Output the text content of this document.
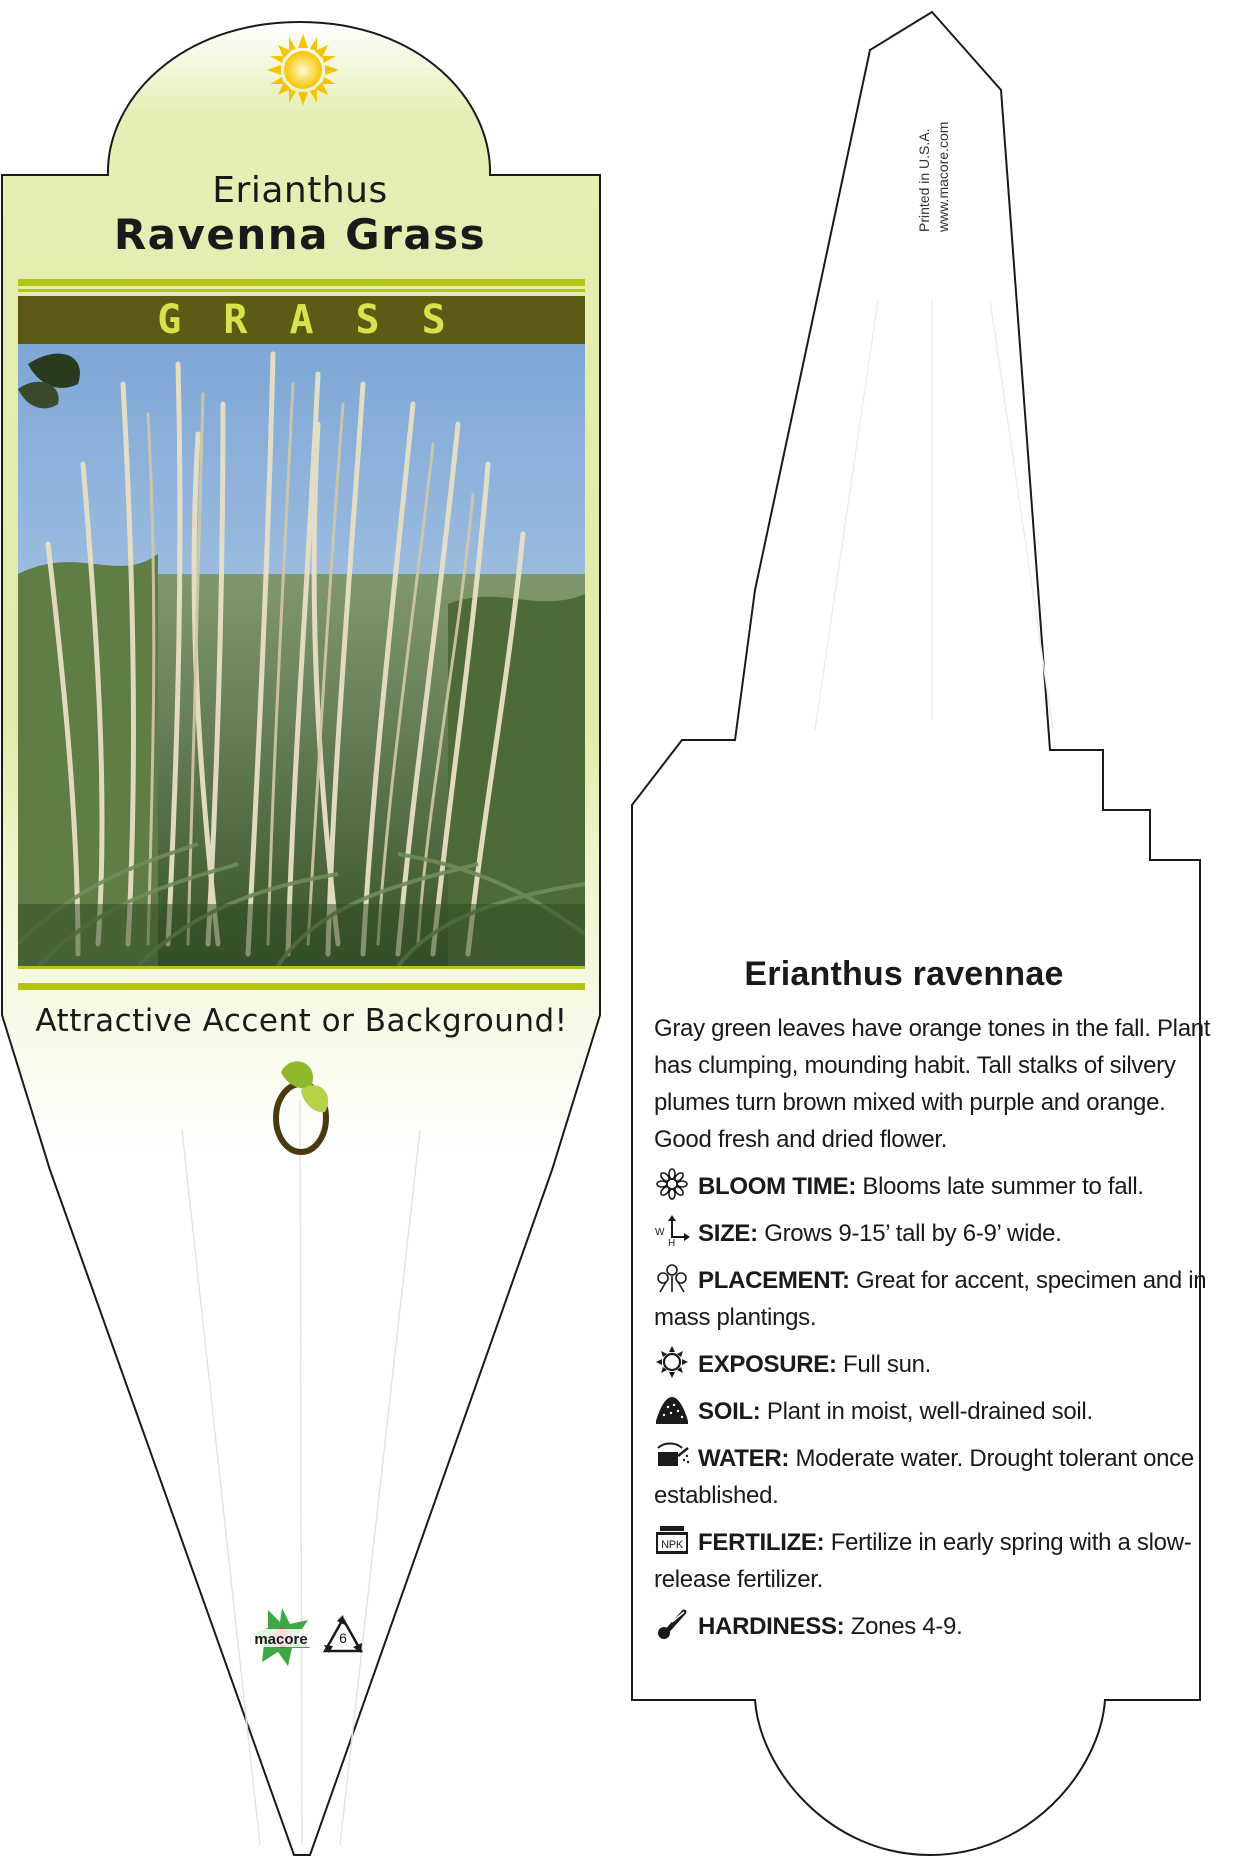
Erianthus
Ravenna Grass
GRASS
Attractive Accent or Background!
macore	6
Printed in U.S.A. www.macore.com
Erianthus ravennae
Gray green leaves have orange tones in the fall. Plant has clumping, mounding habit. Tall stalks of silvery plumes turn brown mixed with purple and orange. Good fresh and dried flower.
BLOOM TIME: Blooms late summer to fall.
W
H SIZE: Grows 9-15’ tall by 6-9’ wide.
PLACEMENT: Great for accent, specimen and in mass plantings.
EXPOSURE: Full sun.
SOIL: Plant in moist, well-drained soil.
WATER: Moderate water. Drought tolerant once established.
NPK FERTILIZE: Fertilize in early spring with a slow-release fertilizer.
HARDINESS: Zones 4-9.
